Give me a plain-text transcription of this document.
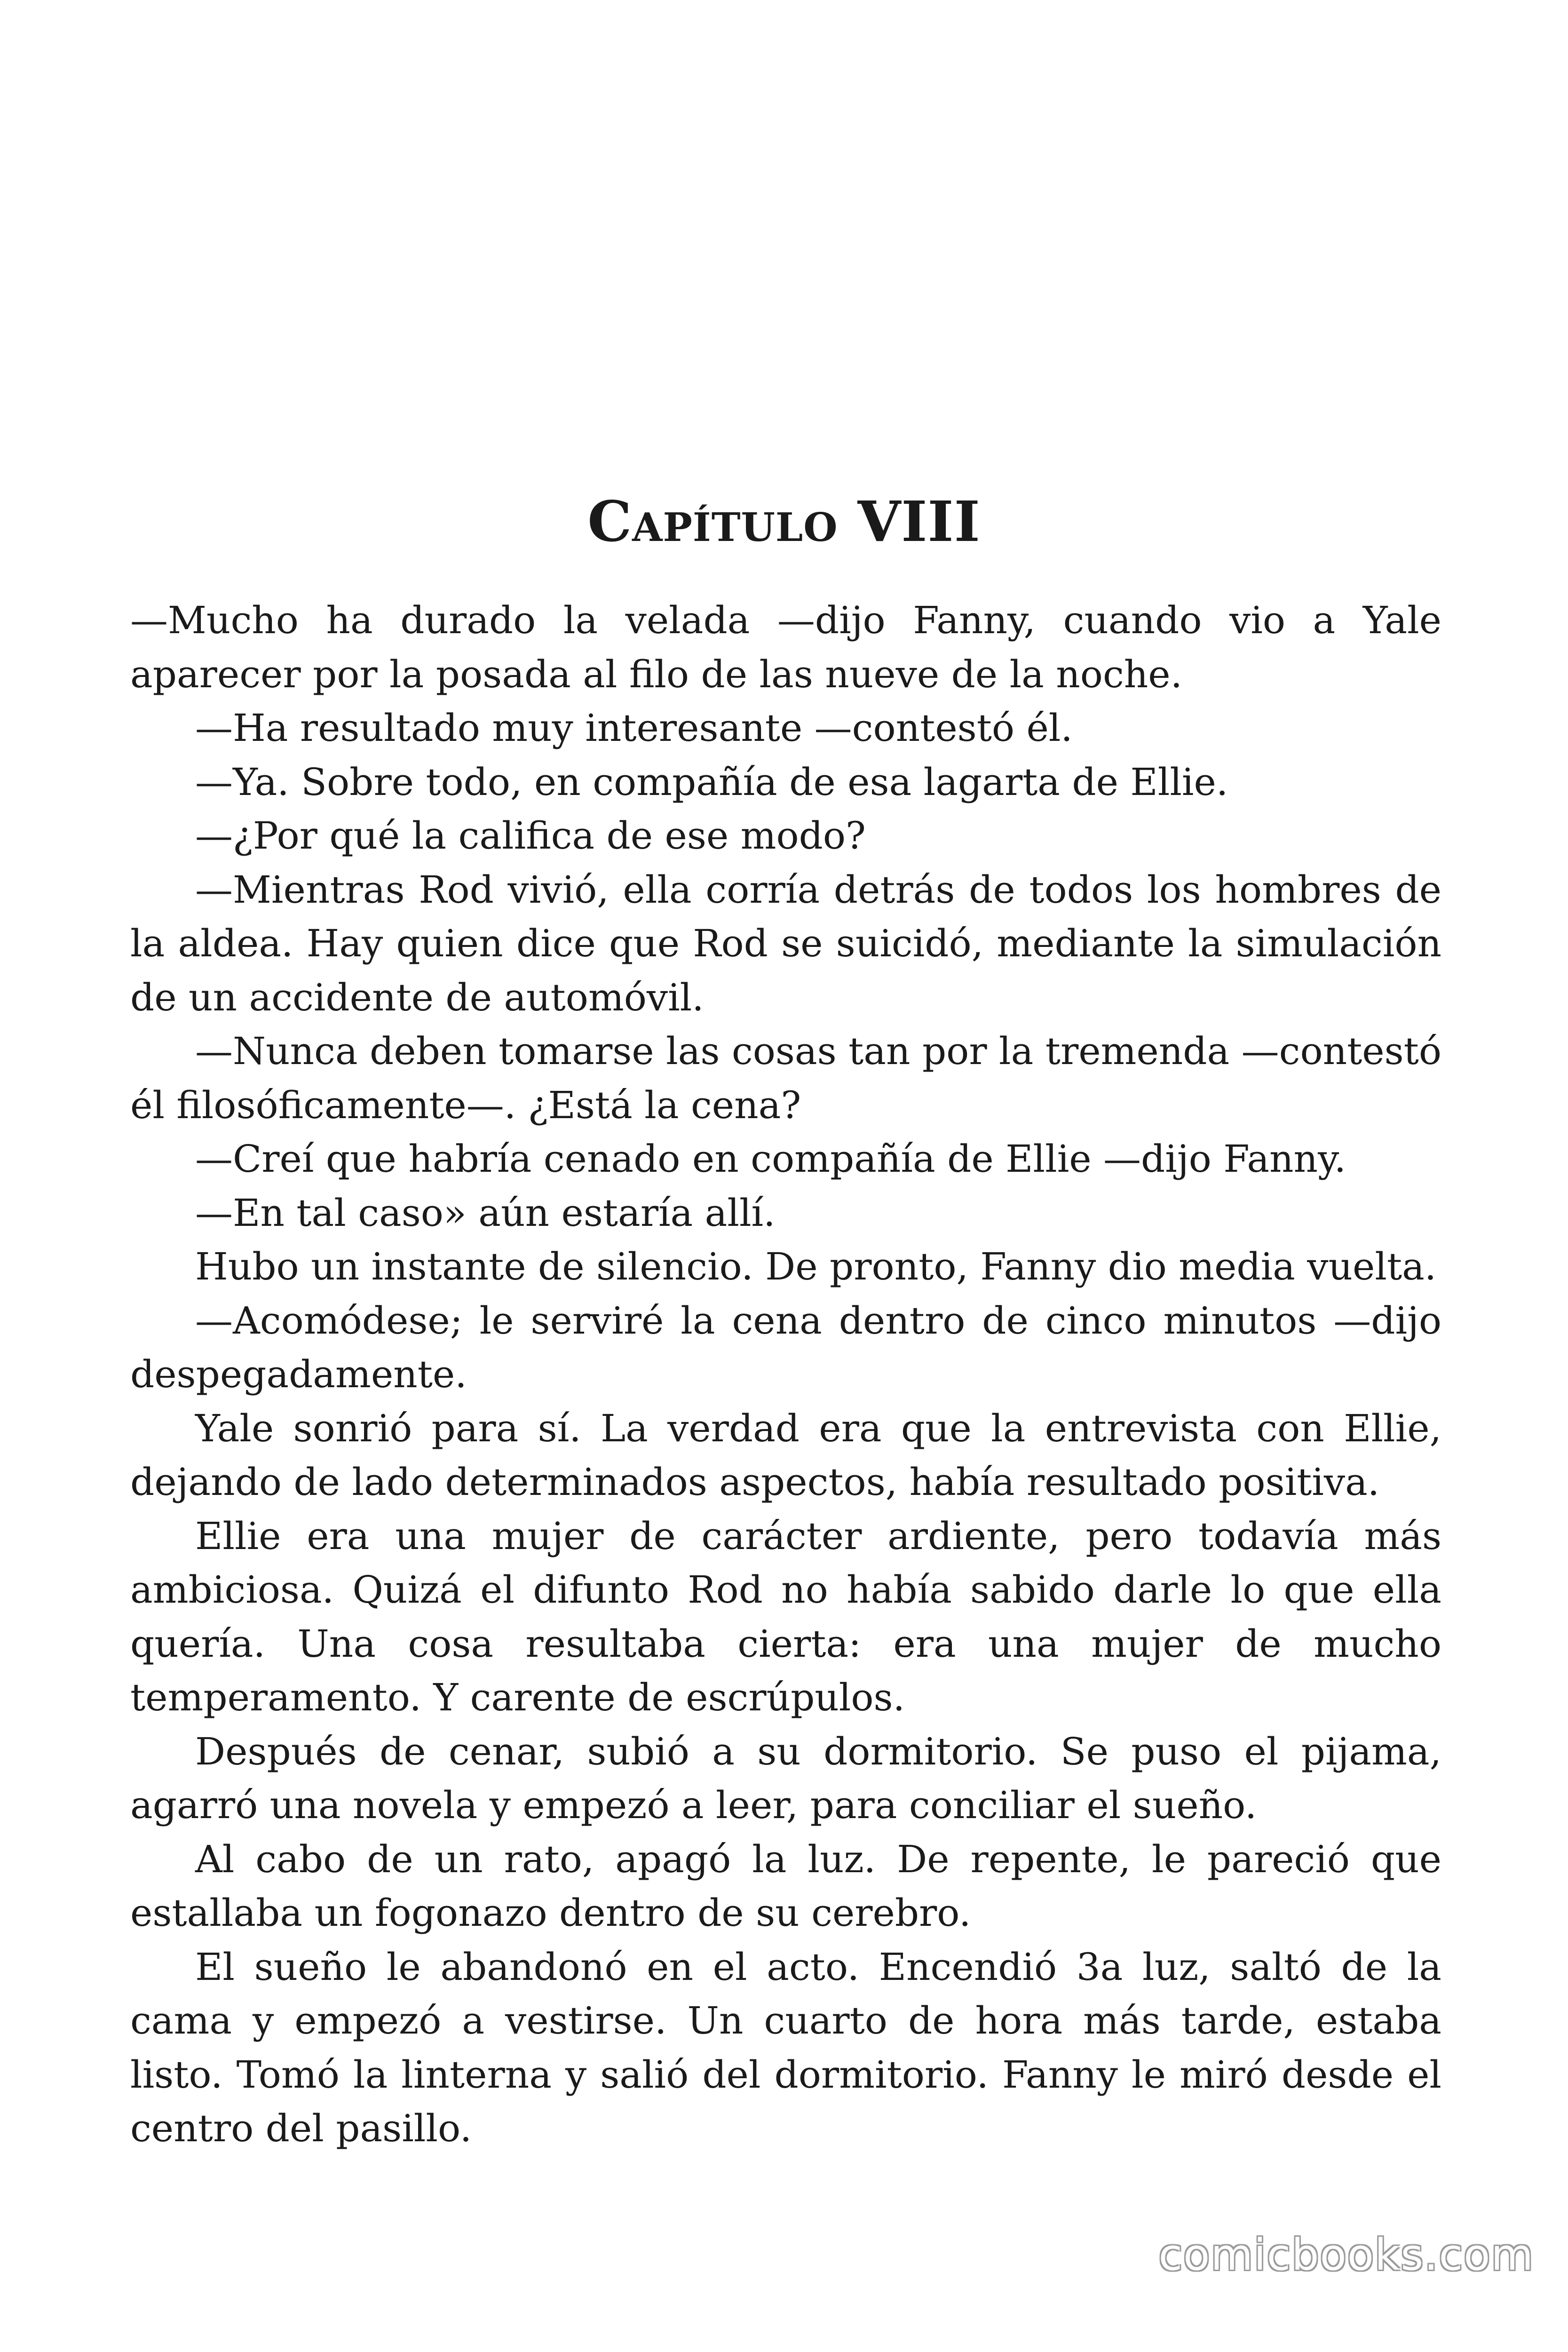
Capítulo VIII

—Mucho ha durado la velada —dijo Fanny, cuando vio a Yale aparecer por la posada al filo de las nueve de la noche.

—Ha resultado muy interesante —contestó él.

—Ya. Sobre todo, en compañía de esa lagarta de Ellie.

—¿Por qué la califica de ese modo?

—Mientras Rod vivió, ella corría detrás de todos los hombres de la aldea. Hay quien dice que Rod se suicidó, mediante la simulación de un accidente de automóvil.

—Nunca deben tomarse las cosas tan por la tremenda —contestó él filosóficamente—. ¿Está la cena?

—Creí que habría cenado en compañía de Ellie —dijo Fanny.

—En tal caso» aún estaría allí.

Hubo un instante de silencio. De pronto, Fanny dio media vuelta.

—Acomódese; le serviré la cena dentro de cinco minutos —dijo despegadamente.

Yale sonrió para sí. La verdad era que la entrevista con Ellie, dejando de lado determinados aspectos, había resultado positiva.

Ellie era una mujer de carácter ardiente, pero todavía más ambiciosa. Quizá el difunto Rod no había sabido darle lo que ella quería. Una cosa resultaba cierta: era una mujer de mucho temperamento. Y carente de escrúpulos.

Después de cenar, subió a su dormitorio. Se puso el pijama, agarró una novela y empezó a leer, para conciliar el sueño.

Al cabo de un rato, apagó la luz. De repente, le pareció que estallaba un fogonazo dentro de su cerebro.

El sueño le abandonó en el acto. Encendió 3a luz, saltó de la cama y empezó a vestirse. Un cuarto de hora más tarde, estaba listo. Tomó la linterna y salió del dormitorio. Fanny le miró desde el centro del pasillo.

comicbooks.com
